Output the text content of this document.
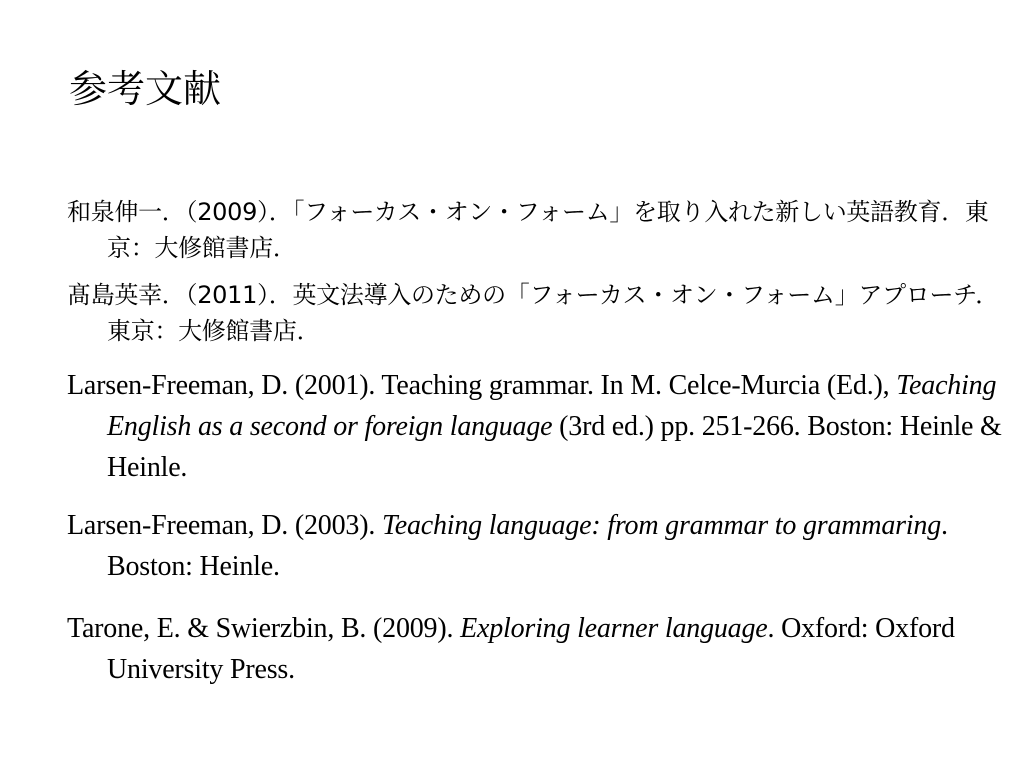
参考文献
和泉伸一．（2009）．「フォーカス・オン・フォーム」を取り入れた新しい英語教育．東京：大修館書店．
髙島英幸．（2011）．英文法導入のための「フォーカス・オン・フォーム」アプローチ．東京：大修館書店．
Larsen-Freeman, D. (2001). Teaching grammar. In M. Celce-Murcia (Ed.), Teaching English as a second or foreign language (3rd ed.) pp. 251-266. Boston: Heinle & Heinle.
Larsen-Freeman, D. (2003). Teaching language: from grammar to grammaring. Boston: Heinle.
Tarone, E. & Swierzbin, B. (2009). Exploring learner language. Oxford: Oxford University Press.
